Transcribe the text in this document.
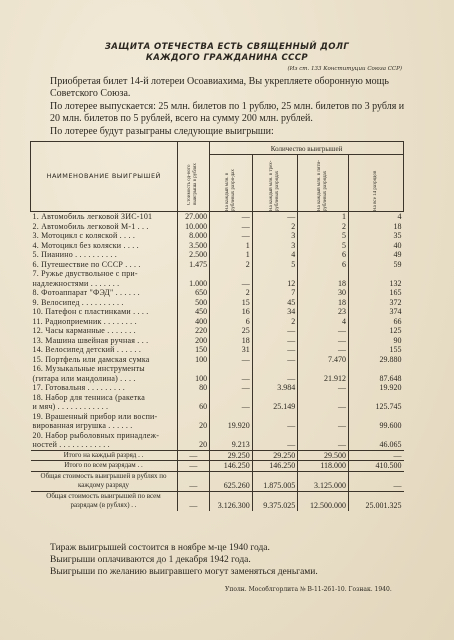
ЗАЩИТА ОТЕЧЕСТВА ЕСТЬ СВЯЩЕННЫЙ ДОЛГ
КАЖДОГО ГРАЖДАНИНА СССР
(Из ст. 133 Конституции Союза ССР)
Приобретая билет 14-й лотереи Осоавиахима, Вы укрепляете оборонную мощь Советского Союза.
По лотерее выпускается: 25 млн. билетов по 1 рублю, 25 млн. билетов по 3 рубля и 20 млн. билетов по 5 рублей, всего на сумму 200 млн. рублей.
По лотерее будут разыграны следующие выигрыши:
НАИМЕНОВАНИЕ ВЫИГРЫШЕЙ	Стоимость од-ного выигрыша в рублях	Количество выигрышей			

		На каждый млн. в рублевых разря-дах	На каждый млн. в трех-рублевых разрядах	На каждый млн. в пяти-рублевых разрядах	На все 14 разрядов

1. Автомобиль легковой ЗИС-101	27.000	—	—	1	4
2. Автомобиль легковой М-1 . . .	10.000	—	2	2	18
3. Мотоцикл с коляской . . . .	8.000	—	3	5	35
4. Мотоцикл без коляски . . . .	3.500	1	3	5	40
5. Пианино . . . . . . . . . .	2.500	1	4	6	49
6. Путешествие по СССР . . . .	1.475	2	5	6	59
7. Ружье двуствольное с при-					
надлежностями . . . . . . .	1.000	—	12	18	132
8. Фотоаппарат "ФЭД" . . . . . .	650	2	7	30	165
9. Велосипед . . . . . . . . . .	500	15	45	18	372
10. Патефон с пластинками . . . .	450	16	34	23	374
11. Радиоприемник . . . . . . . .	400	6	2	4	66
12. Часы карманные . . . . . . .	220	25	—	—	125
13. Машина швейная ручная . . .	200	18	—	—	90
14. Велосипед детский . . . . . .	150	31	—	—	155
15. Портфель или дамская сумка	100	—	—	7.470	29.880
16. Музыкальные инструменты					
(гитара или мандолина) . . . .	100	—	—	21.912	87.648
17. Готовальня . . . . . . . . .	80	—	3.984	—	19.920
18. Набор для тенниса (ракетка					
и мяч) . . . . . . . . . . . .	60	—	25.149	—	125.745
19. Врашенный прибор или воспи-					
вированная игрушка . . . . . .	20	19.920	—	—	99.600
20. Набор рыболовных принадлеж-					
ностей . . . . . . . . . . . .	20	9.213	—	—	46.065
Итого на каждый разряд . .	—	29.250	29.250	29.500	—
Итого по всем разрядам . .	—	146.250	146.250	118.000	410.500
Общая стоимость выигрышей в рублях по каждому разряду	—	625.260	1.875.005	3.125.000	—
Общая стоимость выигрышей по всем разрядам (в рублях) . .	—	3.126.300	9.375.025	12.500.000	25.001.325
Тираж выигрышей состоится в ноябре м-це 1940 года.
Выигрыши оплачиваются до 1 декабря 1942 года.
Выигрыши по желанию выигравшего могут заменяться деньгами.
Уполн. Мособлгорлита № В-11-261-10. Гознак. 1940.
